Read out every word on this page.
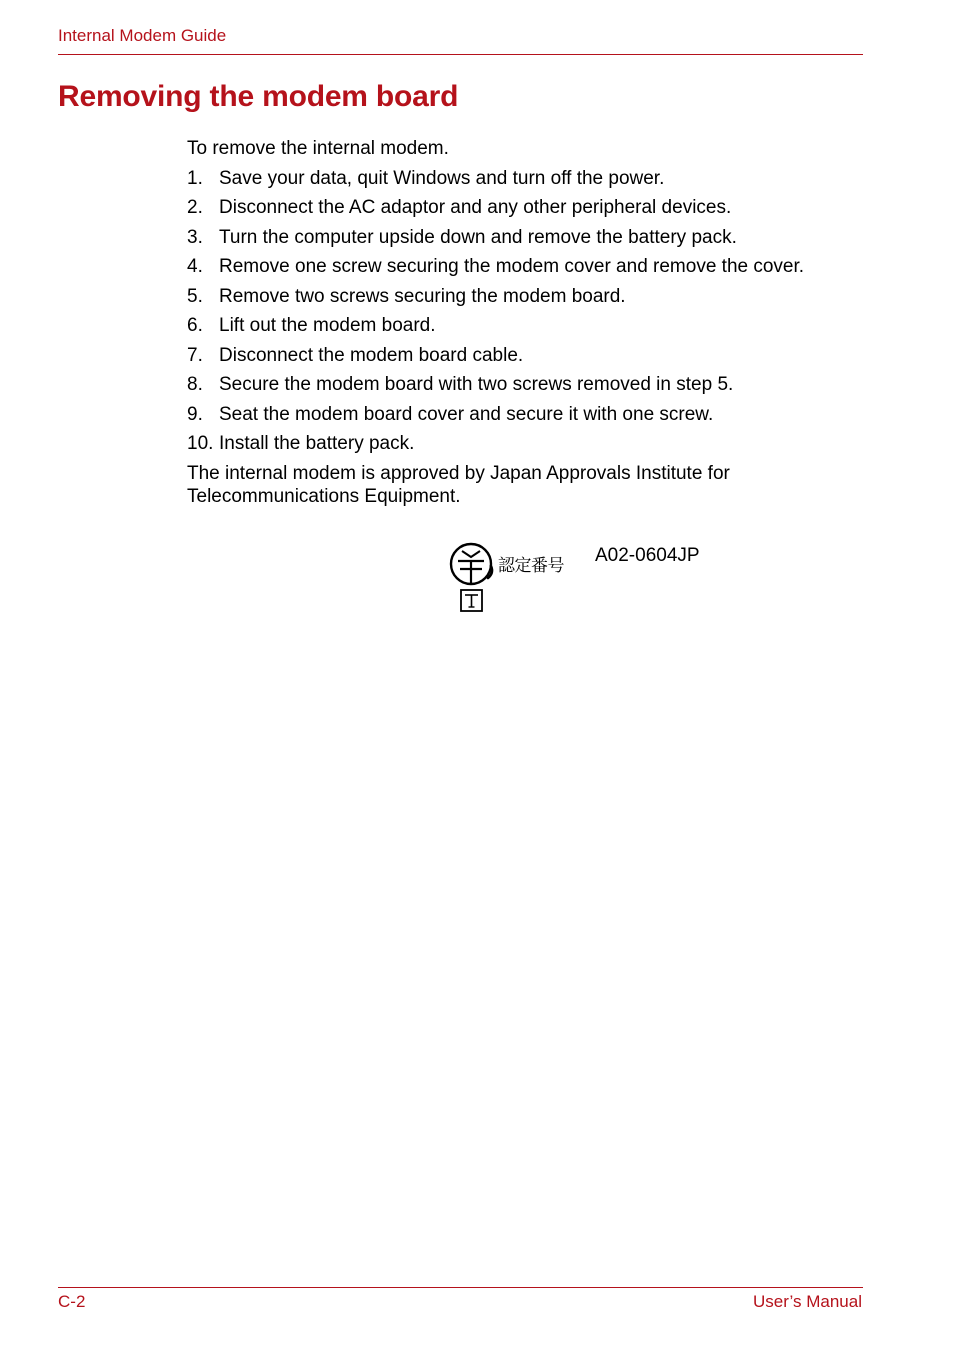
Internal Modem Guide
Removing the modem board

To remove the internal modem.

1. Save your data, quit Windows and turn off the power.
2. Disconnect the AC adaptor and any other peripheral devices.
3. Turn the computer upside down and remove the battery pack.
4. Remove one screw securing the modem cover and remove the cover.
5. Remove two screws securing the modem board.
6. Lift out the modem board.
7. Disconnect the modem board cable.
8. Secure the modem board with two screws removed in step 5.
9. Seat the modem board cover and secure it with one screw.
10. Install the battery pack.

The internal modem is approved by Japan Approvals Institute for
Telecommunications Equipment.

認定番号 A02-0604JP
C-2	User’s Manual
